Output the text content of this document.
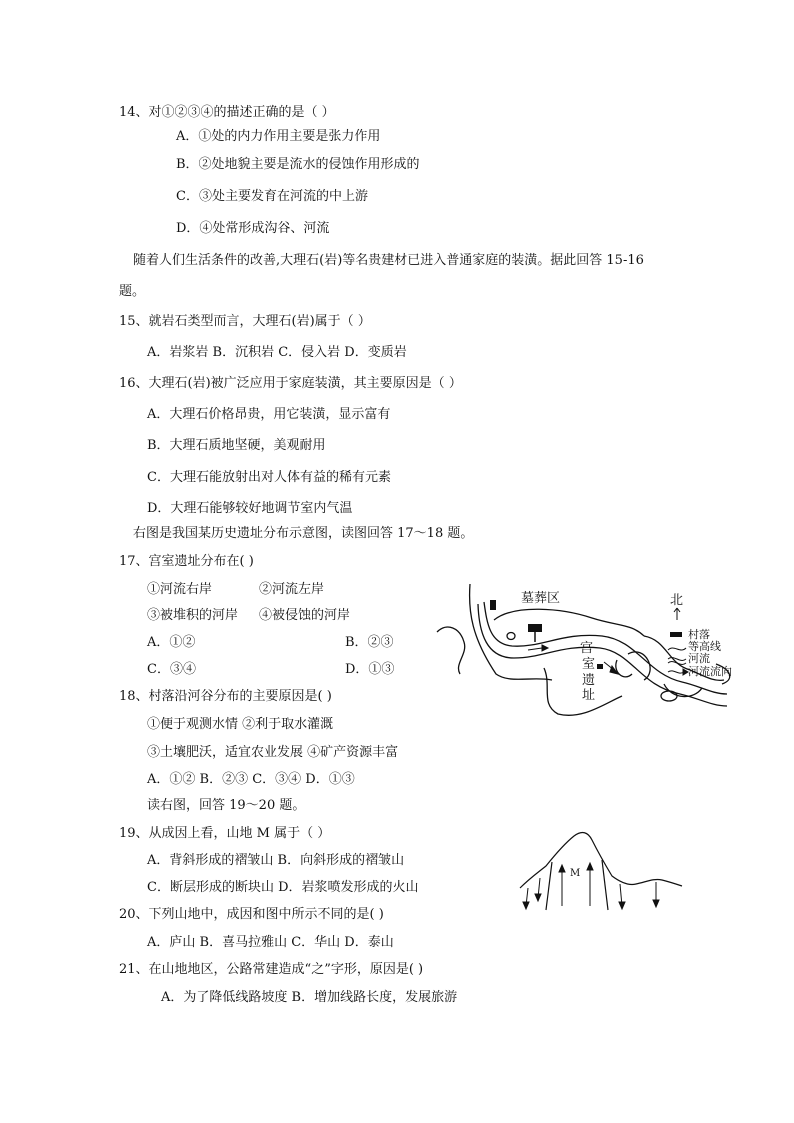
14、对①②③④的描述正确的是（ ）
A．①处的内力作用主要是张力作用
B．②处地貌主要是流水的侵蚀作用形成的
C．③处主要发育在河流的中上游
D．④处常形成沟谷、河流
随着人们生活条件的改善,大理石(岩)等名贵建材已进入普通家庭的装潢。据此回答 15-16
题。
15、就岩石类型而言，大理石(岩)属于（ ）
A．岩浆岩 B．沉积岩 C．侵入岩 D．变质岩
16、大理石(岩)被广泛应用于家庭装潢，其主要原因是（ ）
A．大理石价格昂贵，用它装潢，显示富有
B．大理石质地坚硬，美观耐用
C．大理石能放射出对人体有益的稀有元素
D．大理石能够较好地调节室内气温
右图是我国某历史遗址分布示意图，读图回答 17～18 题。
17、宫室遗址分布在( )
①河流右岸	②河流左岸
③被堆积的河岸 ④被侵蚀的河岸
A．①②	B．②③
C．③④	D．①③
墓葬区
宫
室
遗
址
北
村落
等高线
河流
河流流向
18、村落沿河谷分布的主要原因是( )
①便于观测水情 ②利于取水灌溉
③土壤肥沃，适宜农业发展 ④矿产资源丰富
A．①② B．②③ C．③④ D．①③
读右图，回答 19～20 题。
19、从成因上看，山地 M 属于（ ）
A．背斜形成的褶皱山 B．向斜形成的褶皱山
C．断层形成的断块山 D．岩浆喷发形成的火山
M
20、下列山地中，成因和图中所示不同的是( )
A．庐山 B．喜马拉雅山 C．华山 D．泰山
21、在山地地区，公路常建造成“之”字形，原因是( )
A．为了降低线路坡度 B．增加线路长度，发展旅游
